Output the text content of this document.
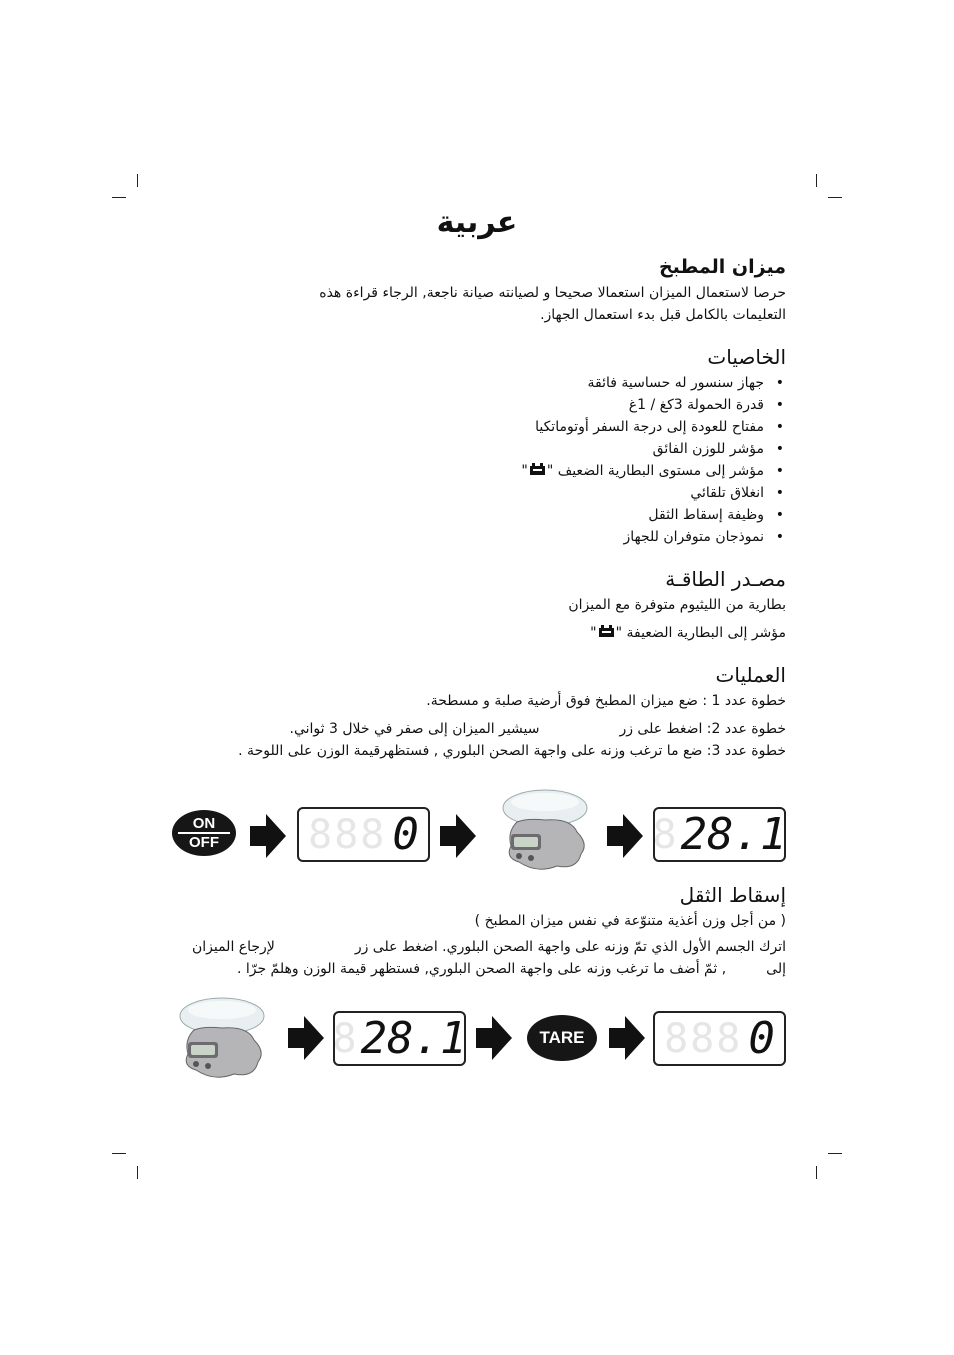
عربية

ميزان المطبخ

حرصا لاستعمال الميزان استعمالا صحيحا و لصيانته صيانة ناجعة, الرجاء قراءة هذه

التعليمات بالكامل قبل بدء استعمال الجهاز.

الخاصيات

• جهاز سنسور له حساسية فائقة
• قدرة الحمولة 3كغ / 1غ
• مفتاح للعودة إلى درجة السفر أوتوماتكيا
• مؤشر للوزن الفائق
• مؤشر إلى مستوى البطارية الضعيف "
"
• انغلاق تلقائي
• وظيفة إسقاط الثقل
• نموذجان متوفران للجهاز

مصـدر الطاقـة

بطارية من الليثيوم متوفرة مع الميزان

مؤشر إلى البطارية الضعيفة "
"

العمليات

خطوة عدد 1 : ضع ميزان المطبخ فوق أرضية صلبة و مسطحة.

خطوة عدد 2: اضغط على زرسيشير الميزان إلى صفر في خلال 3 ثواني.

خطوة عدد 3: ضع ما ترغب وزنه على واجهة الصحن البلوري , فستظهرقيمة الوزن على اللوحة .

ON
OFF 888 0	8 28.1

إسقاط الثقل

( من أجل وزن أغذية متنوّعة في نفس ميزان المطبخ )

اترك الجسم الأول الذي تمّ وزنه على واجهة الصحن البلوري. اضغط على زرلإرجاع الميزان

إلى, ثمّ أضف ما ترغب وزنه على واجهة الصحن البلوري, فستظهر قيمة الوزن وهلمّ جرّا .

8 28.1	TARE 888 0
